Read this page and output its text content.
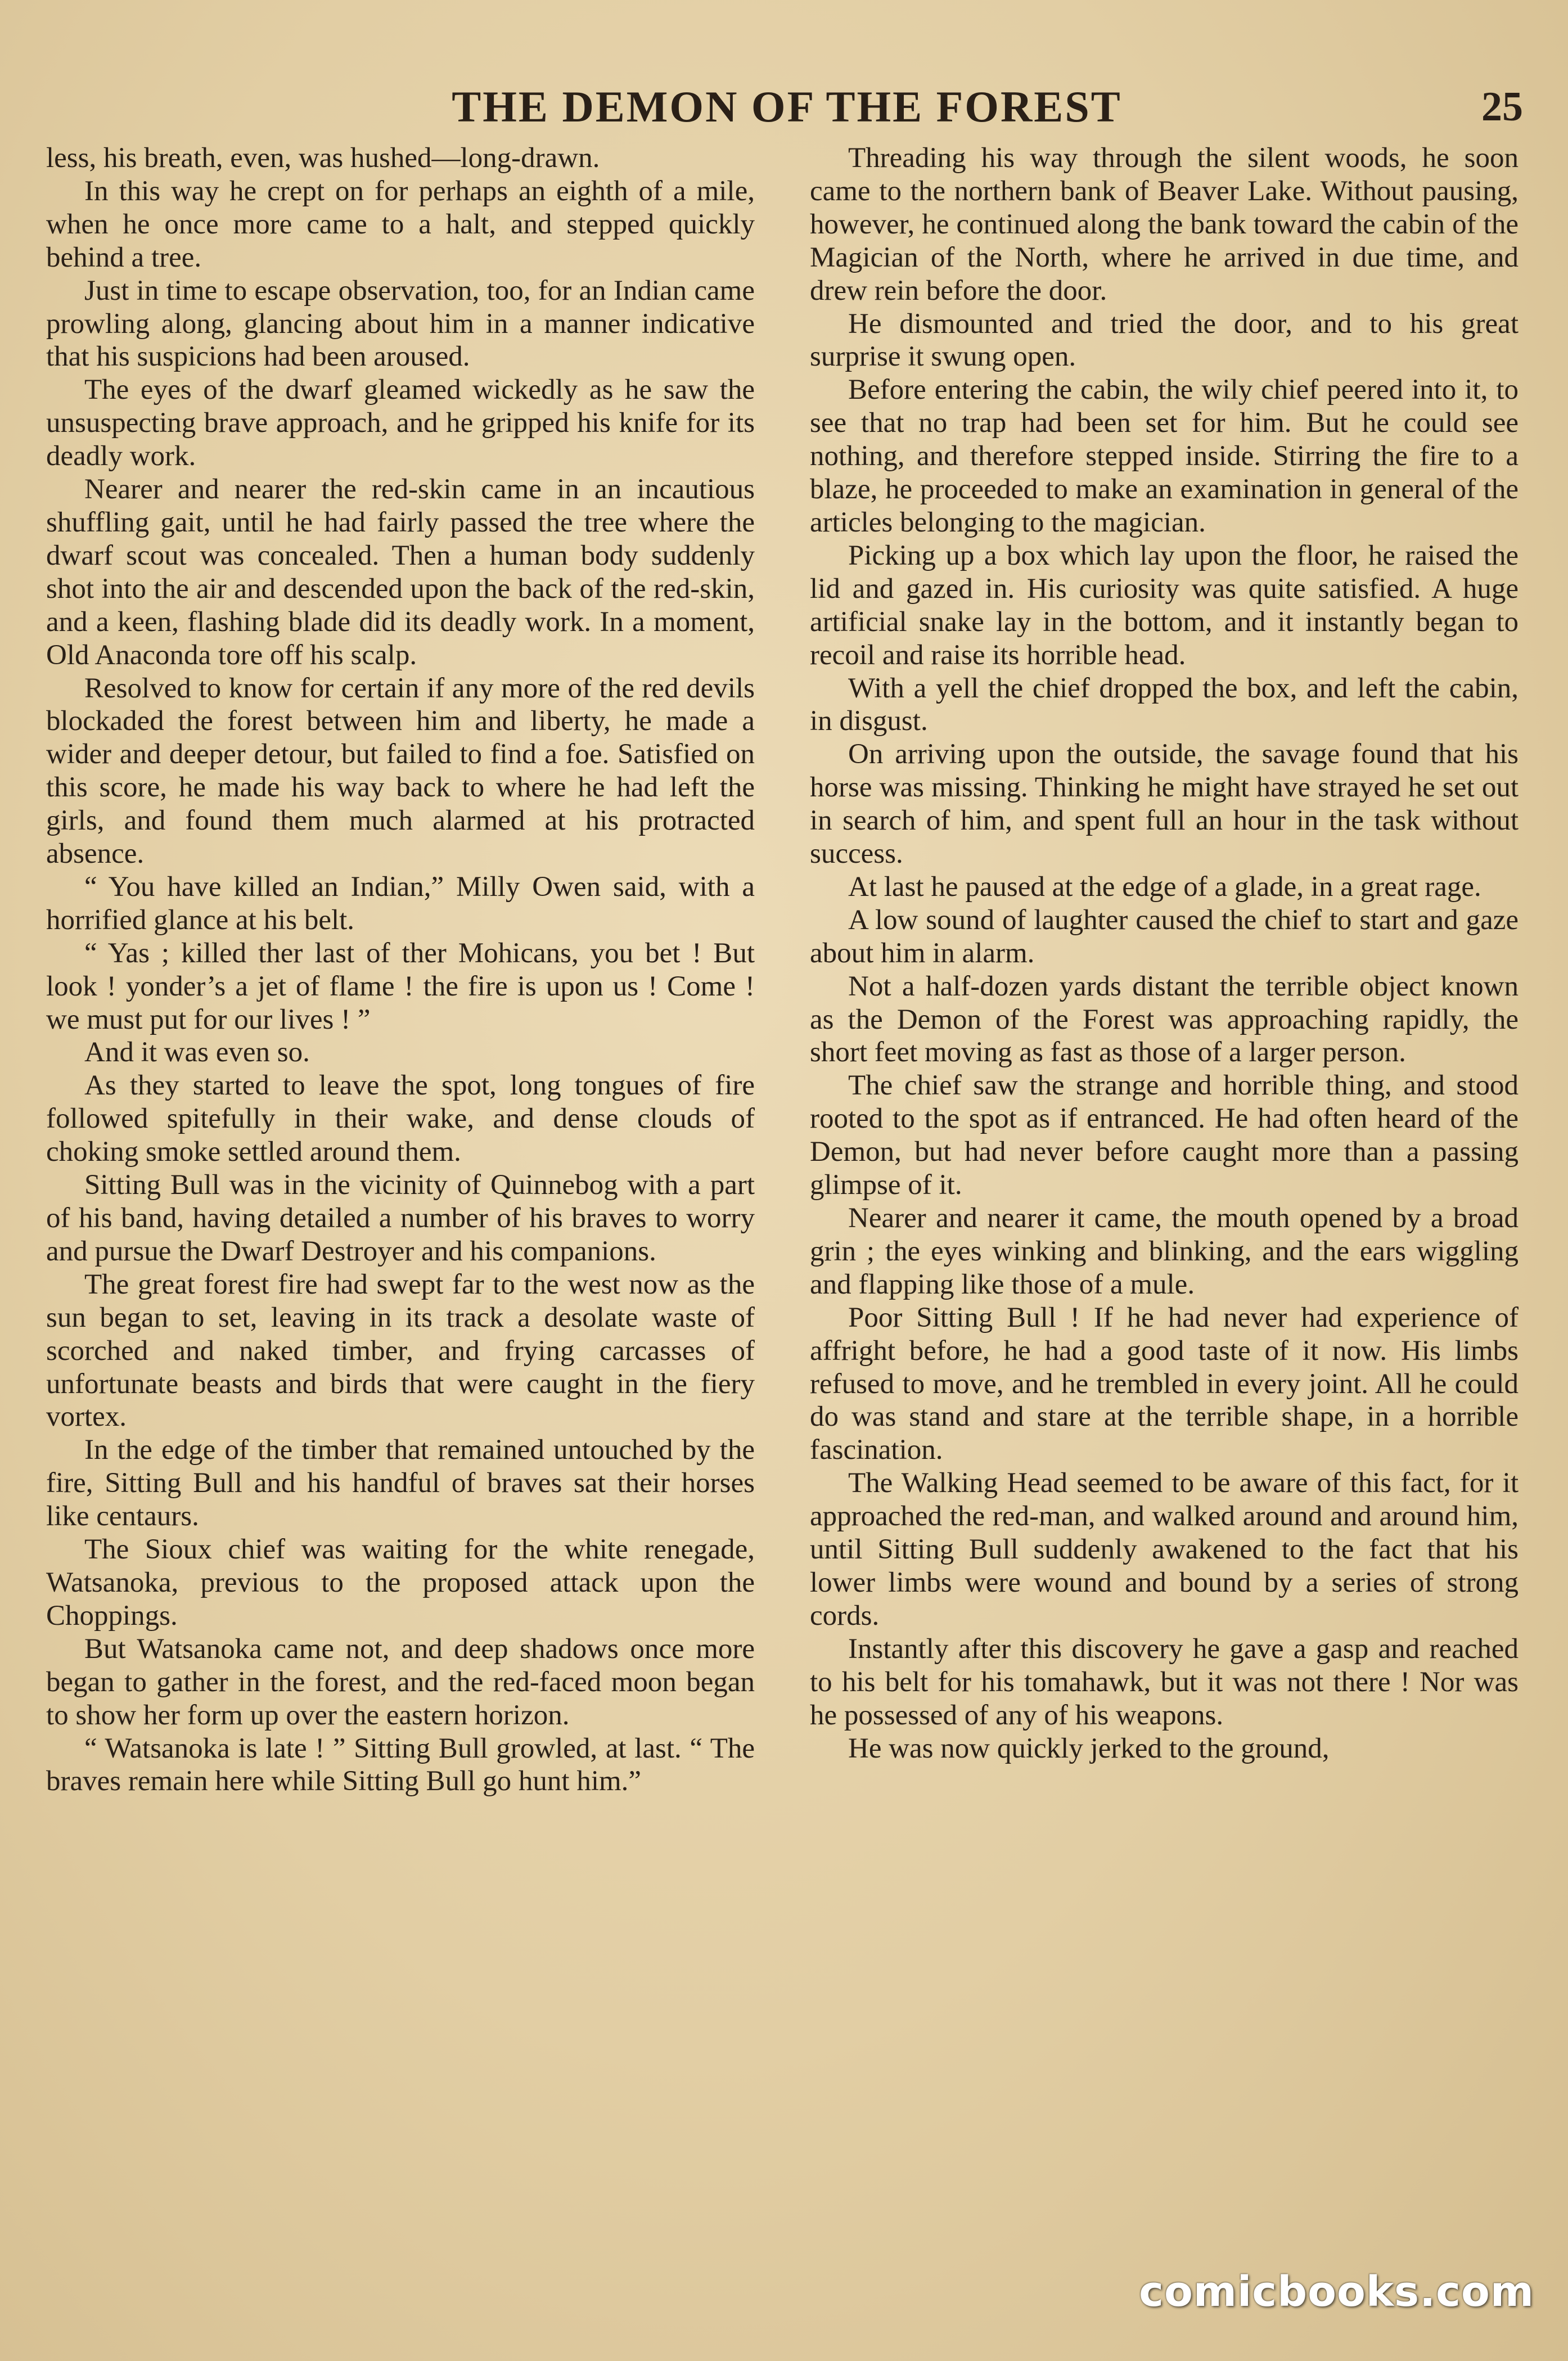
THE DEMON OF THE FOREST	25

less, his breath, even, was hushed—long-drawn.

In this way he crept on for perhaps an eighth of a mile, when he once more came to a halt, and stepped quickly behind a tree.

Just in time to escape observation, too, for an Indian came prowling along, glancing about him in a manner indicative that his suspicions had been aroused.

The eyes of the dwarf gleamed wickedly as he saw the unsuspecting brave approach, and he gripped his knife for its deadly work.

Nearer and nearer the red-skin came in an incautious shuffling gait, until he had fairly passed the tree where the dwarf scout was concealed. Then a human body suddenly shot into the air and descended upon the back of the red-skin, and a keen, flashing blade did its deadly work. In a moment, Old Anaconda tore off his scalp.

Resolved to know for certain if any more of the red devils blockaded the forest between him and liberty, he made a wider and deeper detour, but failed to find a foe. Satisfied on this score, he made his way back to where he had left the girls, and found them much alarmed at his protracted absence.

“ You have killed an Indian,” Milly Owen said, with a horrified glance at his belt.

“ Yas ; killed ther last of ther Mohicans, you bet ! But look ! yonder’s a jet of flame ! the fire is upon us ! Come ! we must put for our lives ! ”

And it was even so.

As they started to leave the spot, long tongues of fire followed spitefully in their wake, and dense clouds of choking smoke settled around them.

Sitting Bull was in the vicinity of Quinnebog with a part of his band, having detailed a number of his braves to worry and pursue the Dwarf Destroyer and his companions.

The great forest fire had swept far to the west now as the sun began to set, leaving in its track a desolate waste of scorched and naked timber, and frying carcasses of unfortunate beasts and birds that were caught in the fiery vortex.

In the edge of the timber that remained untouched by the fire, Sitting Bull and his handful of braves sat their horses like centaurs.

The Sioux chief was waiting for the white renegade, Watsanoka, previous to the proposed attack upon the Choppings.

But Watsanoka came not, and deep shadows once more began to gather in the forest, and the red-faced moon began to show her form up over the eastern horizon.

“ Watsanoka is late ! ” Sitting Bull growled, at last. “ The braves remain here while Sitting Bull go hunt him.”

Threading his way through the silent woods, he soon came to the northern bank of Beaver Lake. Without pausing, however, he continued along the bank toward the cabin of the Magician of the North, where he arrived in due time, and drew rein before the door.

He dismounted and tried the door, and to his great surprise it swung open.

Before entering the cabin, the wily chief peered into it, to see that no trap had been set for him. But he could see nothing, and therefore stepped inside. Stirring the fire to a blaze, he proceeded to make an examination in general of the articles belonging to the magician.

Picking up a box which lay upon the floor, he raised the lid and gazed in. His curiosity was quite satisfied. A huge artificial snake lay in the bottom, and it instantly began to recoil and raise its horrible head.

With a yell the chief dropped the box, and left the cabin, in disgust.

On arriving upon the outside, the savage found that his horse was missing. Thinking he might have strayed he set out in search of him, and spent full an hour in the task without success.

At last he paused at the edge of a glade, in a great rage.

A low sound of laughter caused the chief to start and gaze about him in alarm.

Not a half-dozen yards distant the terrible object known as the Demon of the Forest was approaching rapidly, the short feet moving as fast as those of a larger person.

The chief saw the strange and horrible thing, and stood rooted to the spot as if entranced. He had often heard of the Demon, but had never before caught more than a passing glimpse of it.

Nearer and nearer it came, the mouth opened by a broad grin ; the eyes winking and blinking, and the ears wiggling and flapping like those of a mule.

Poor Sitting Bull ! If he had never had experience of affright before, he had a good taste of it now. His limbs refused to move, and he trembled in every joint. All he could do was stand and stare at the terrible shape, in a horrible fascination.

The Walking Head seemed to be aware of this fact, for it approached the red-man, and walked around and around him, until Sitting Bull suddenly awakened to the fact that his lower limbs were wound and bound by a series of strong cords.

Instantly after this discovery he gave a gasp and reached to his belt for his tomahawk, but it was not there ! Nor was he possessed of any of his weapons.

He was now quickly jerked to the ground,

comicbooks.com
